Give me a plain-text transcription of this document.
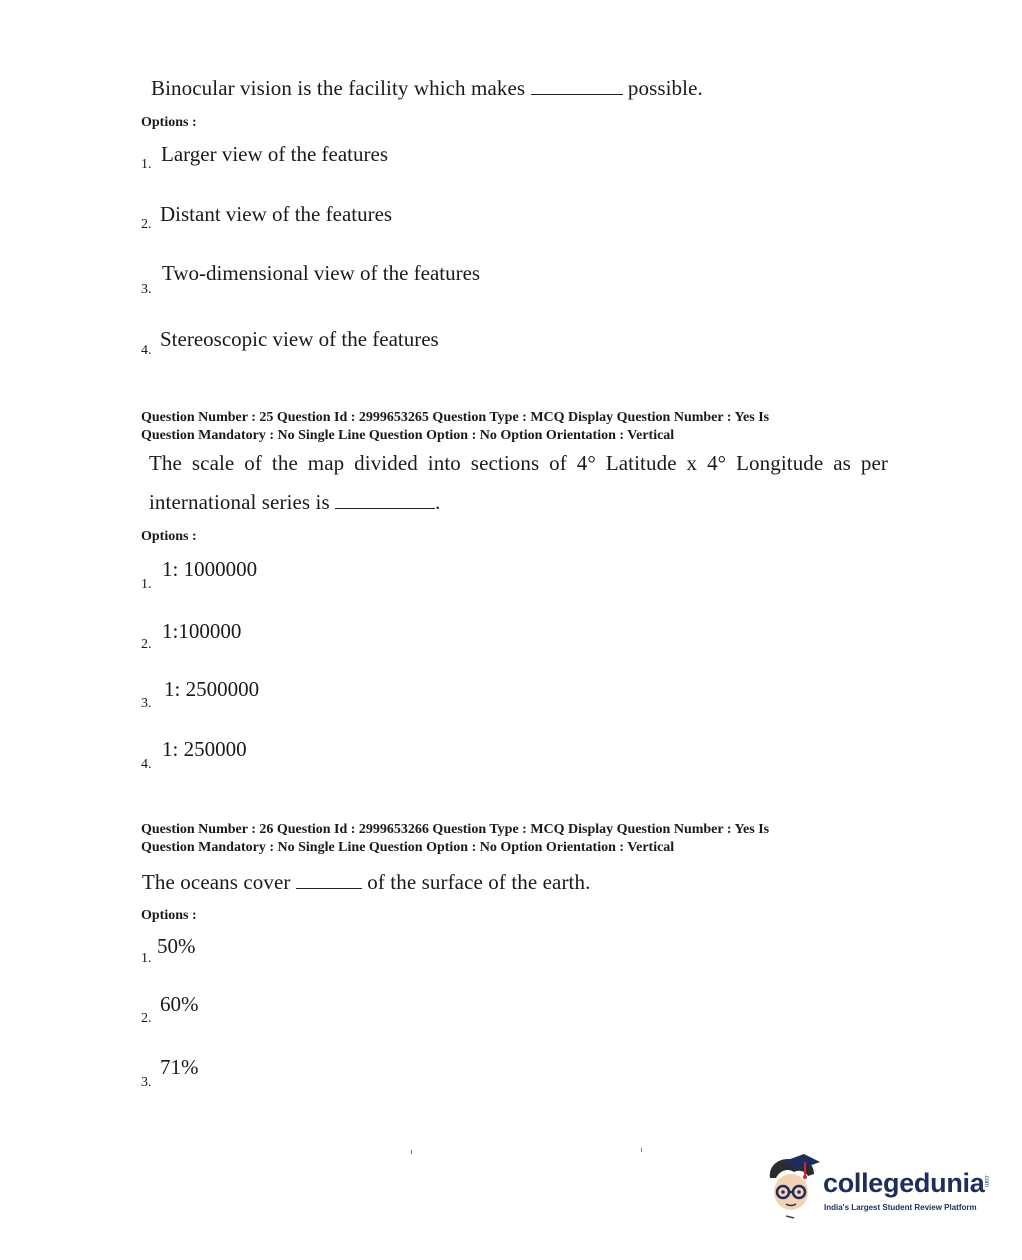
Binocular vision is the facility which makes	possible.
Options :
1. Larger view of the features
2. Distant view of the features
3.
Two-dimensional view of the features
4. Stereoscopic view of the features
Question Number : 25 Question Id : 2999653265 Question Type : MCQ Display Question Number : Yes Is
Question Mandatory : No Single Line Question Option : No Option Orientation : Vertical
The scale of the map divided into sections of 4° Latitude x 4° Longitude as per
international series is	.
Options :
1.
1: 1000000
2.
1:100000
3.
1: 2500000
4.
1: 250000
Question Number : 26 Question Id : 2999653266 Question Type : MCQ Display Question Number : Yes Is
Question Mandatory : No Single Line Question Option : No Option Orientation : Vertical
The oceans cover	of the surface of the earth.
Options :
1.
50%
2.
60%
3.
71%
collegedunia
.com
India's Largest Student Review Platform
